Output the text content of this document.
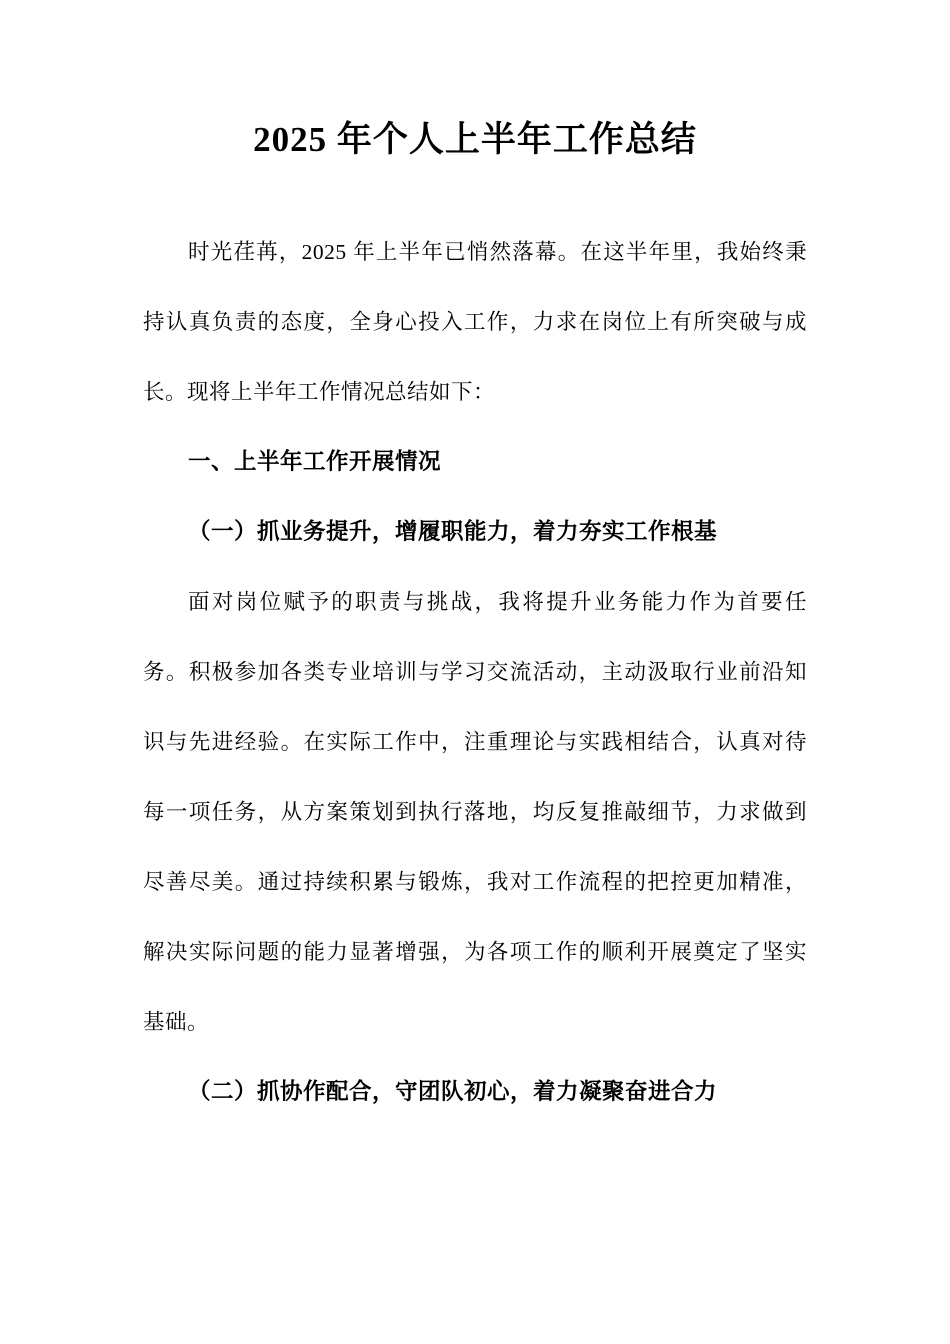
2025 年个人上半年工作总结
时光荏苒，2025 年上半年已悄然落幕。在这半年里，我始终秉
持认真负责的态度，全身心投入工作，力求在岗位上有所突破与成
长。现将上半年工作情况总结如下：
一、上半年工作开展情况
（一）抓业务提升，增履职能力，着力夯实工作根基
面对岗位赋予的职责与挑战，我将提升业务能力作为首要任
务。积极参加各类专业培训与学习交流活动，主动汲取行业前沿知
识与先进经验。在实际工作中，注重理论与实践相结合，认真对待
每一项任务，从方案策划到执行落地，均反复推敲细节，力求做到
尽善尽美。通过持续积累与锻炼，我对工作流程的把控更加精准，
解决实际问题的能力显著增强，为各项工作的顺利开展奠定了坚实
基础。
（二）抓协作配合，守团队初心，着力凝聚奋进合力
